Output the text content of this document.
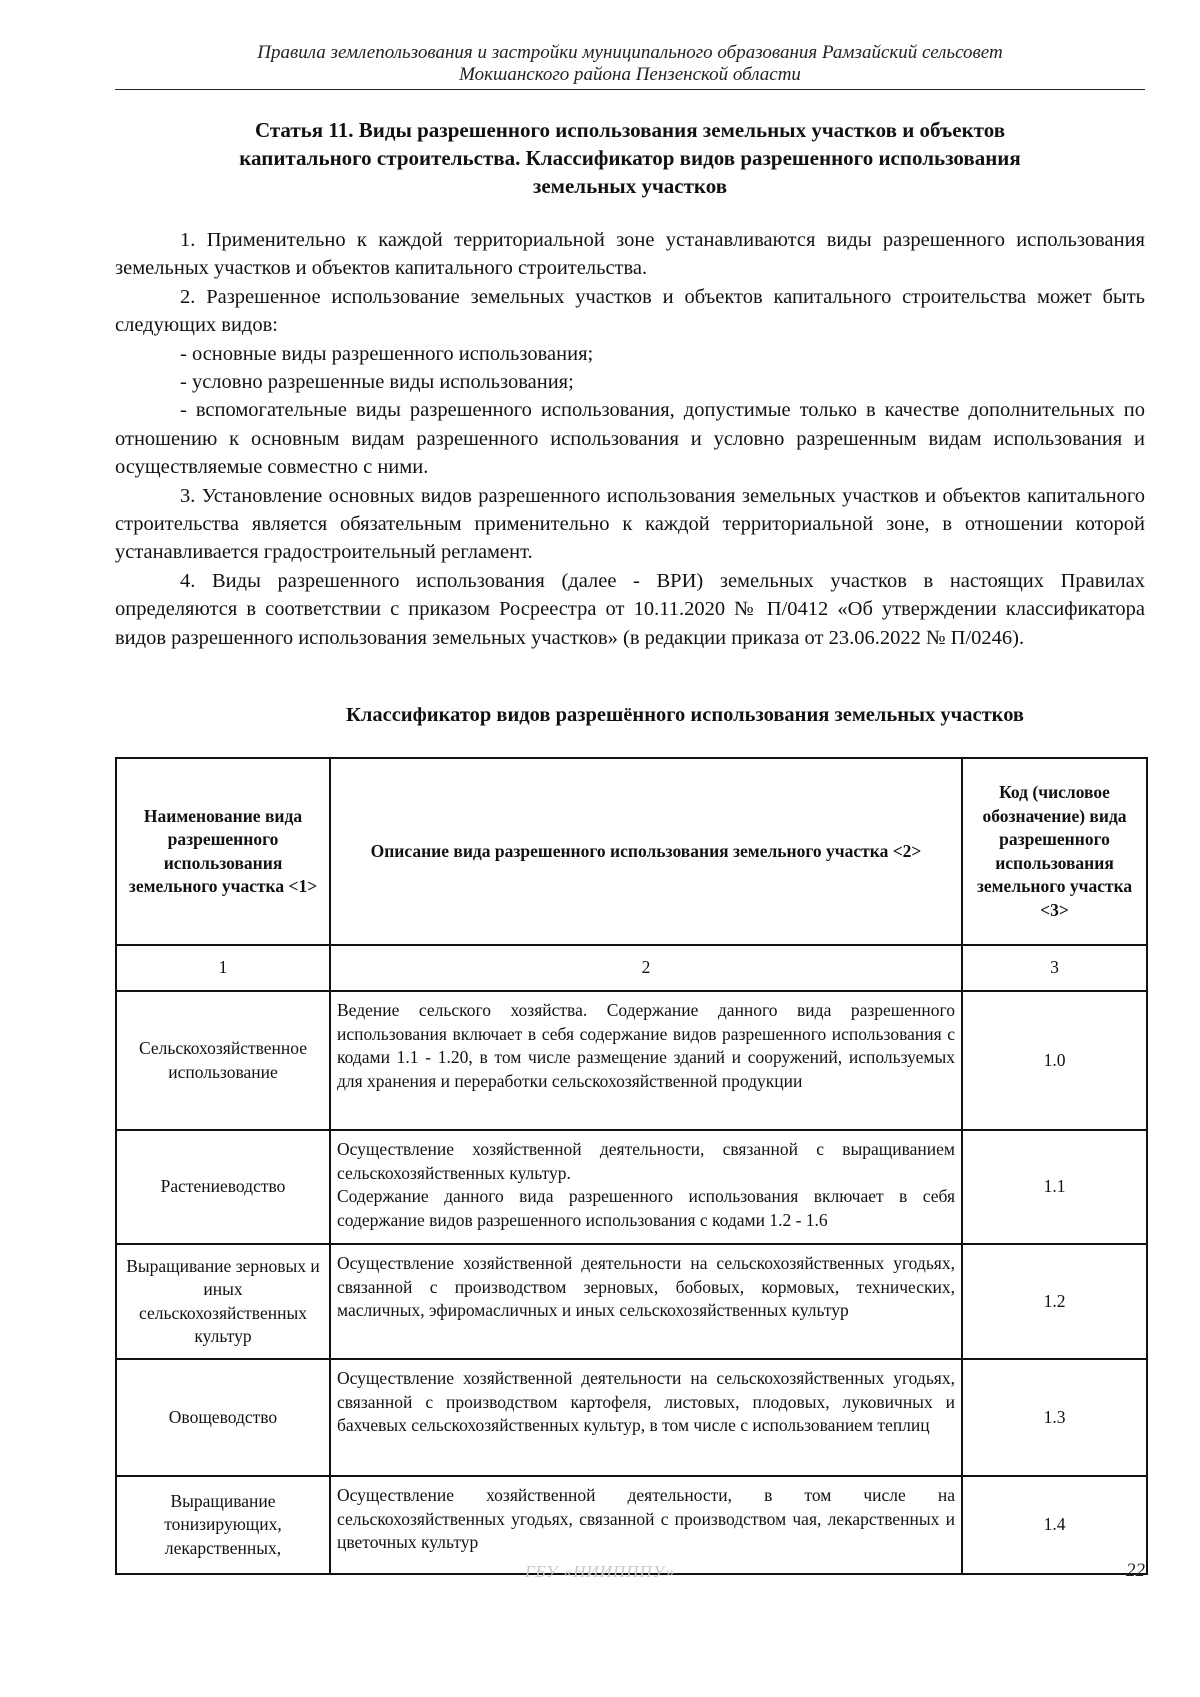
Правила землепользования и застройки муниципального образования Рамзайский сельсовет
Мокшанского района Пензенской области
Статья 11. Виды разрешенного использования земельных участков и объектов
капитального строительства. Классификатор видов разрешенного использования
земельных участков

1. Применительно к каждой территориальной зоне устанавливаются виды разрешенного использования земельных участков и объектов капитального строительства.

2. Разрешенное использование земельных участков и объектов капитального строительства может быть следующих видов:

- основные виды разрешенного использования;

- условно разрешенные виды использования;

- вспомогательные виды разрешенного использования, допустимые только в качестве дополнительных по отношению к основным видам разрешенного использования и условно разрешенным видам использования и осуществляемые совместно с ними.

3. Установление основных видов разрешенного использования земельных участков и объектов капитального строительства является обязательным применительно к каждой территориальной зоне, в отношении которой устанавливается градостроительный регламент.

4. Виды разрешенного использования (далее - ВРИ) земельных участков в настоящих Правилах определяются в соответствии с приказом Росреестра от 10.11.2020 № П/0412 «Об утверждении классификатора видов разрешенного использования земельных участков» (в редакции приказа от 23.06.2022 № П/0246).

Классификатор видов разрешённого использования земельных участков
Наименование вида разрешенного использования земельного участка <1>	Описание вида разрешенного использования земельного участка <2>	Код (числовое обозначение) вида разрешенного использования земельного участка <3>
1	2	3
Сельскохозяйственное использование	Ведение сельского хозяйства. Содержание данного вида разрешенного использования включает в себя содержание видов разрешенного использования с кодами 1.1 - 1.20, в том числе размещение зданий и сооружений, используемых для хранения и переработки сельскохозяйственной продукции	1.0
Растениеводство	Осуществление хозяйственной деятельности, связанной с выращиванием сельскохозяйственных культур.
Содержание данного вида разрешенного использования включает в себя содержание видов разрешенного использования с кодами 1.2 - 1.6	1.1
Выращивание зерновых и иных сельскохозяйственных культур	Осуществление хозяйственной деятельности на сельскохозяйственных угодьях, связанной с производством зерновых, бобовых, кормовых, технических, масличных, эфиромасличных и иных сельскохозяйственных культур	1.2
Овощеводство	Осуществление хозяйственной деятельности на сельскохозяйственных угодьях, связанной с производством картофеля, листовых, плодовых, луковичных и бахчевых сельскохозяйственных культур, в том числе с использованием теплиц	1.3
Выращивание тонизирующих, лекарственных,	Осуществление хозяйственной деятельности, в том числе на сельскохозяйственных угодьях, связанной с производством чая, лекарственных и цветочных культур	1.4
ГБУ «НИИПППУ»	22
